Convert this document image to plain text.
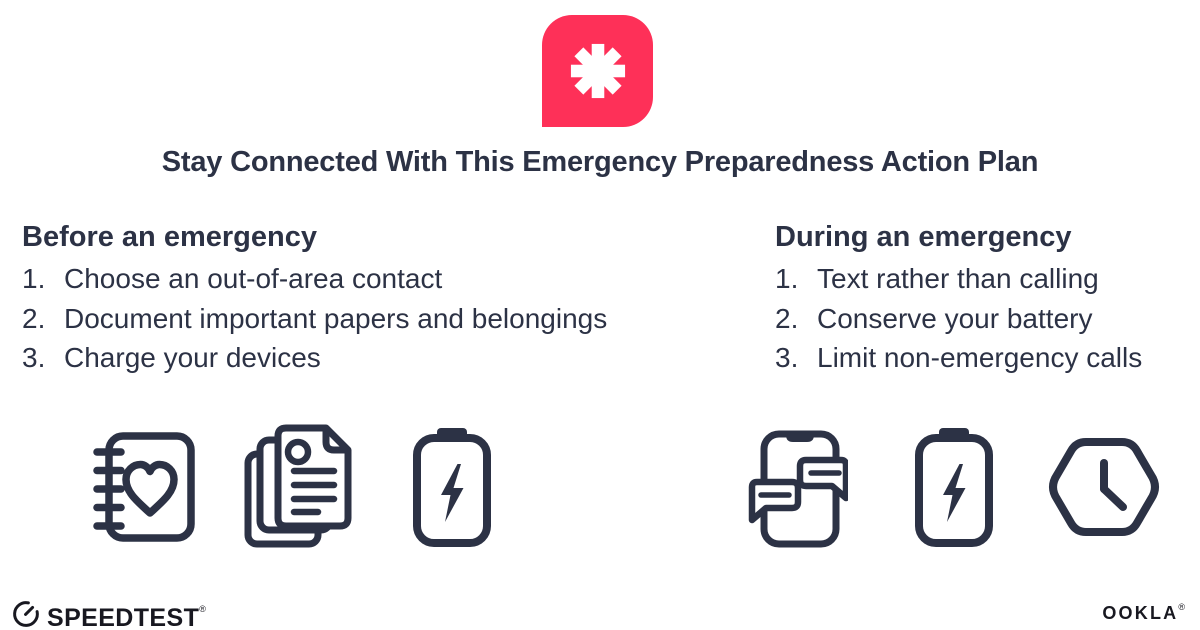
Stay Connected With This Emergency Preparedness Action Plan
Before an emergency
1. Choose an out-of-area contact
2. Document important papers and belongings
3. Charge your devices
During an emergency
1. Text rather than calling
2. Conserve your battery
3. Limit non-emergency calls
SPEEDTEST®	OOKLA®
